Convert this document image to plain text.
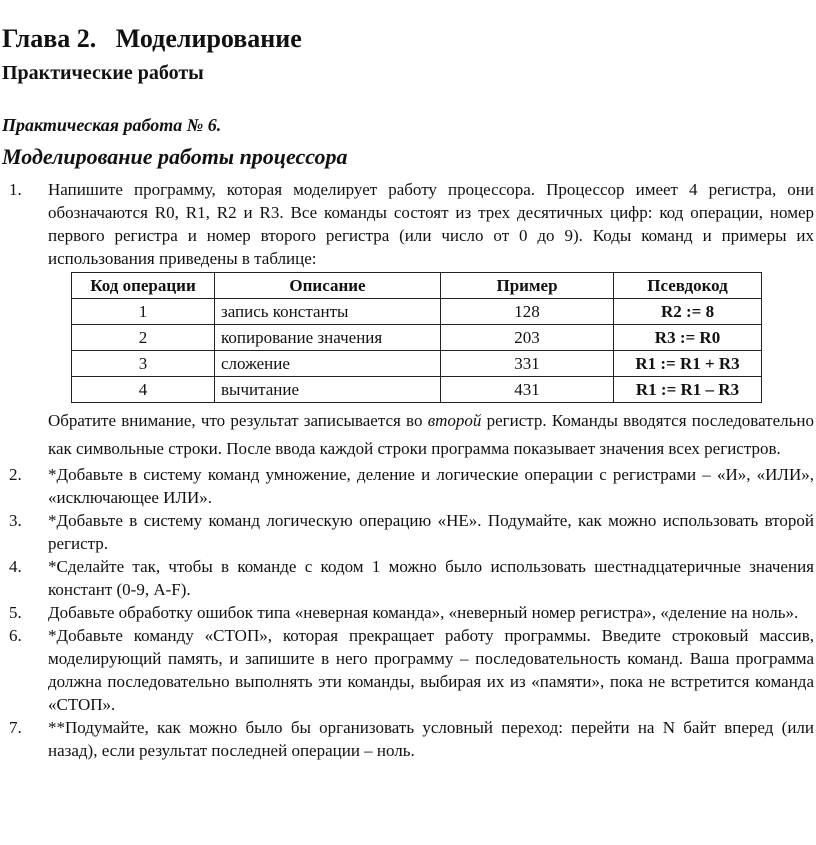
Глава 2.   Моделирование
Практические работы
Практическая работа № 6.
Моделирование работы процессора
1. Напишите программу, которая моделирует работу процессора. Процессор имеет 4 регистра, они обозначаются R0, R1, R2 и R3. Все команды состоят из трех десятичных цифр: код операции, номер первого регистра и номер второго регистра (или число от 0 до 9). Коды команд и примеры их использования приведены в таблице:
Код операции	Описание	Пример	Псевдокод
1	запись константы	128	R2 := 8
2	копирование значения	203	R3 := R0
3	сложение	331	R1 := R1 + R3
4	вычитание	431	R1 := R1 – R3
Обратите внимание, что результат записывается во второй регистр. Команды вводятся последовательно как символьные строки. После ввода каждой строки программа показывает значения всех регистров.
2. *Добавьте в систему команд умножение, деление и логические операции с регистрами – «И», «ИЛИ», «исключающее ИЛИ».
3. *Добавьте в систему команд логическую операцию «НЕ». Подумайте, как можно использовать второй регистр.
4. *Сделайте так, чтобы в команде с кодом 1 можно было использовать шестнадцатеричные значения констант (0-9, A-F).
5. Добавьте обработку ошибок типа «неверная команда», «неверный номер регистра», «деление на ноль».
6. *Добавьте команду «СТОП», которая прекращает работу программы. Введите строковый массив, моделирующий память, и запишите в него программу – последовательность команд. Ваша программа должна последовательно выполнять эти команды, выбирая их из «памяти», пока не встретится команда «СТОП».
7. **Подумайте, как можно было бы организовать условный переход: перейти на N байт вперед (или назад), если результат последней операции – ноль.
